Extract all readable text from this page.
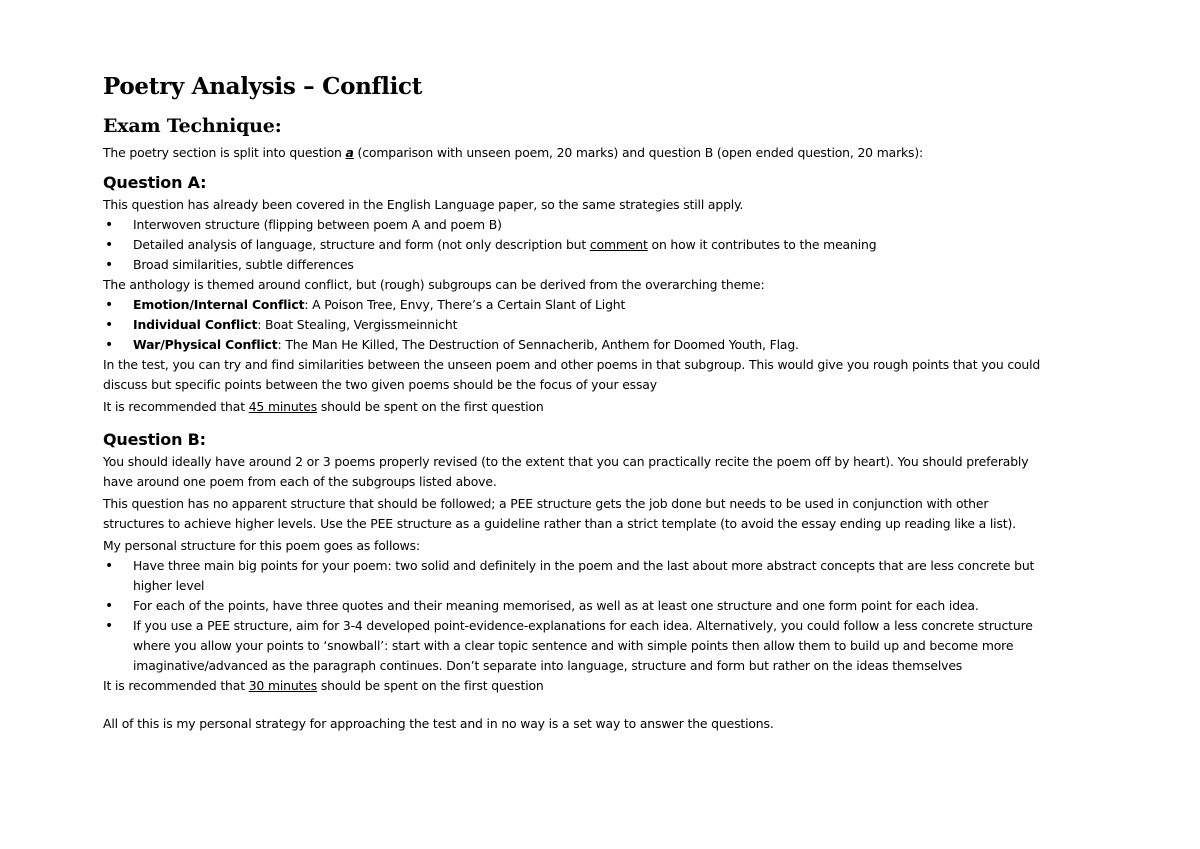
Poetry Analysis – Conflict
Exam Technique:

The poetry section is split into question a (comparison with unseen poem, 20 marks) and question B (open ended question, 20 marks):

Question A:

This question has already been covered in the English Language paper, so the same strategies still apply.

• Interwoven structure (flipping between poem A and poem B)
• Detailed analysis of language, structure and form (not only description but comment on how it contributes to the meaning
• Broad similarities, subtle differences

The anthology is themed around conflict, but (rough) subgroups can be derived from the overarching theme:

• Emotion/Internal Conflict: A Poison Tree, Envy, There’s a Certain Slant of Light
• Individual Conflict: Boat Stealing, Vergissmeinnicht
• War/Physical Conflict: The Man He Killed, The Destruction of Sennacherib, Anthem for Doomed Youth, Flag.

In the test, you can try and find similarities between the unseen poem and other poems in that subgroup. This would give you rough points that you could
discuss but specific points between the two given poems should be the focus of your essay

It is recommended that 45 minutes should be spent on the first question

Question B:

You should ideally have around 2 or 3 poems properly revised (to the extent that you can practically recite the poem off by heart). You should preferably
have around one poem from each of the subgroups listed above.

This question has no apparent structure that should be followed; a PEE structure gets the job done but needs to be used in conjunction with other
structures to achieve higher levels. Use the PEE structure as a guideline rather than a strict template (to avoid the essay ending up reading like a list).

My personal structure for this poem goes as follows:

• Have three main big points for your poem: two solid and definitely in the poem and the last about more abstract concepts that are less concrete but
higher level
• For each of the points, have three quotes and their meaning memorised, as well as at least one structure and one form point for each idea.
• If you use a PEE structure, aim for 3-4 developed point-evidence-explanations for each idea. Alternatively, you could follow a less concrete structure
where you allow your points to ‘snowball’: start with a clear topic sentence and with simple points then allow them to build up and become more
imaginative/advanced as the paragraph continues. Don’t separate into language, structure and form but rather on the ideas themselves

It is recommended that 30 minutes should be spent on the first question

All of this is my personal strategy for approaching the test and in no way is a set way to answer the questions.
